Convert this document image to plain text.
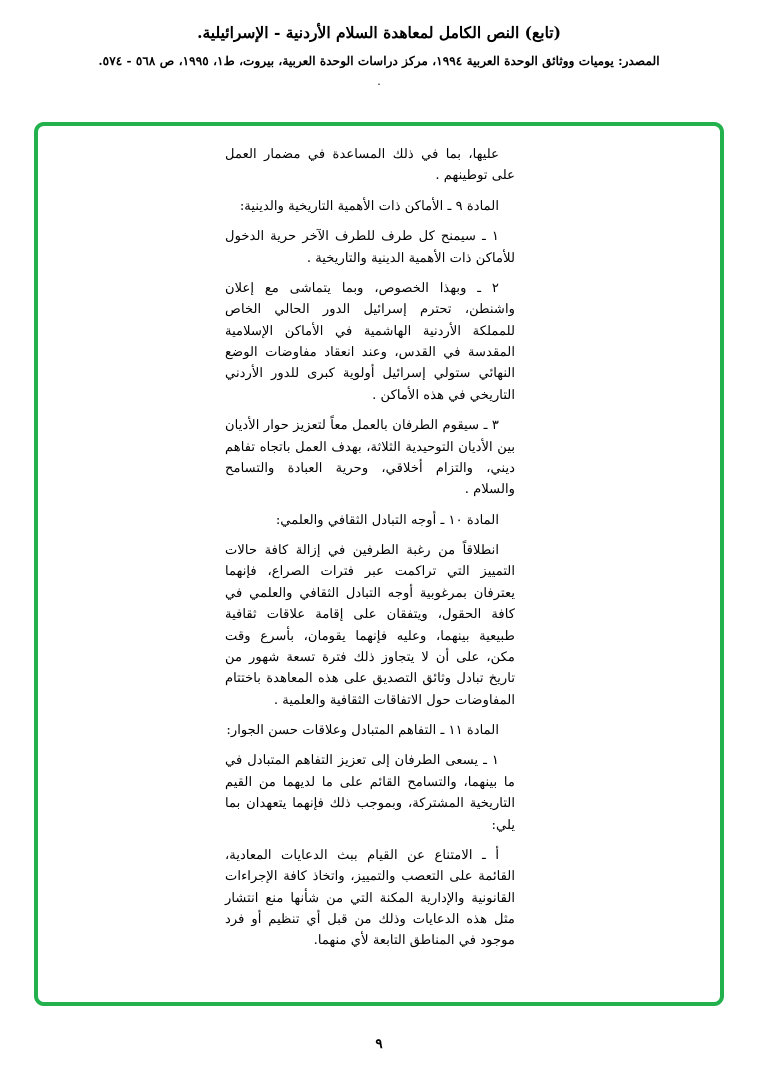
(تابع) النص الكامل لمعاهدة السلام الأردنية - الإسرائيلية.
المصدر: يوميات ووثائق الوحدة العربية ١٩٩٤، مركز دراسات الوحدة العربية، بيروت، ط١، ١٩٩٥، ص ٥٦٨ - ٥٧٤.
.

عليها، بما في ذلك المساعدة في مضمار العمل على توطينهم .

المادة ٩ ـ الأماكن ذات الأهمية التاريخية والدينية:

١ ـ سيمنح كل طرف للطرف الآخر حرية الدخول للأماكن ذات الأهمية الدينية والتاريخية .

٢ ـ وبهذا الخصوص، وبما يتماشى مع إعلان واشنطن، تحترم إسرائيل الدور الحالي الخاص للمملكة الأردنية الهاشمية في الأماكن الإسلامية المقدسة في القدس، وعند انعقاد مفاوضات الوضع النهائي ستولي إسرائيل أولوية كبرى للدور الأردني التاريخي في هذه الأماكن .

٣ ـ سيقوم الطرفان بالعمل معاً لتعزيز حوار الأديان بين الأديان التوحيدية الثلاثة، بهدف العمل باتجاه تفاهم ديني، والتزام أخلاقي، وحرية العبادة والتسامح والسلام .

المادة ١٠ ـ أوجه التبادل الثقافي والعلمي:

انطلاقاً من رغبة الطرفين في إزالة كافة حالات التمييز التي تراكمت عبر فترات الصراع، فإنهما يعترفان بمرغوبية أوجه التبادل الثقافي والعلمي في كافة الحقول، ويتفقان على إقامة علاقات ثقافية طبيعية بينهما، وعليه فإنهما يقومان، بأسرع وقت مكن، على أن لا يتجاوز ذلك فترة تسعة شهور من تاريخ تبادل وثائق التصديق على هذه المعاهدة باختتام المفاوضات حول الاتفاقات الثقافية والعلمية .

المادة ١١ ـ التفاهم المتبادل وعلاقات حسن الجوار:

١ ـ يسعى الطرفان إلى تعزيز التفاهم المتبادل في ما بينهما، والتسامح القائم على ما لديهما من القيم التاريخية المشتركة، وبموجب ذلك فإنهما يتعهدان بما يلي:

أ ـ الامتناع عن القيام ببث الدعايات المعادية، القائمة على التعصب والتمييز، واتخاذ كافة الإجراءات القانونية والإدارية المكنة التي من شأنها منع انتشار مثل هذه الدعايات وذلك من قبل أي تنظيم أو فرد موجود في المناطق التابعة لأي منهما.

٩
